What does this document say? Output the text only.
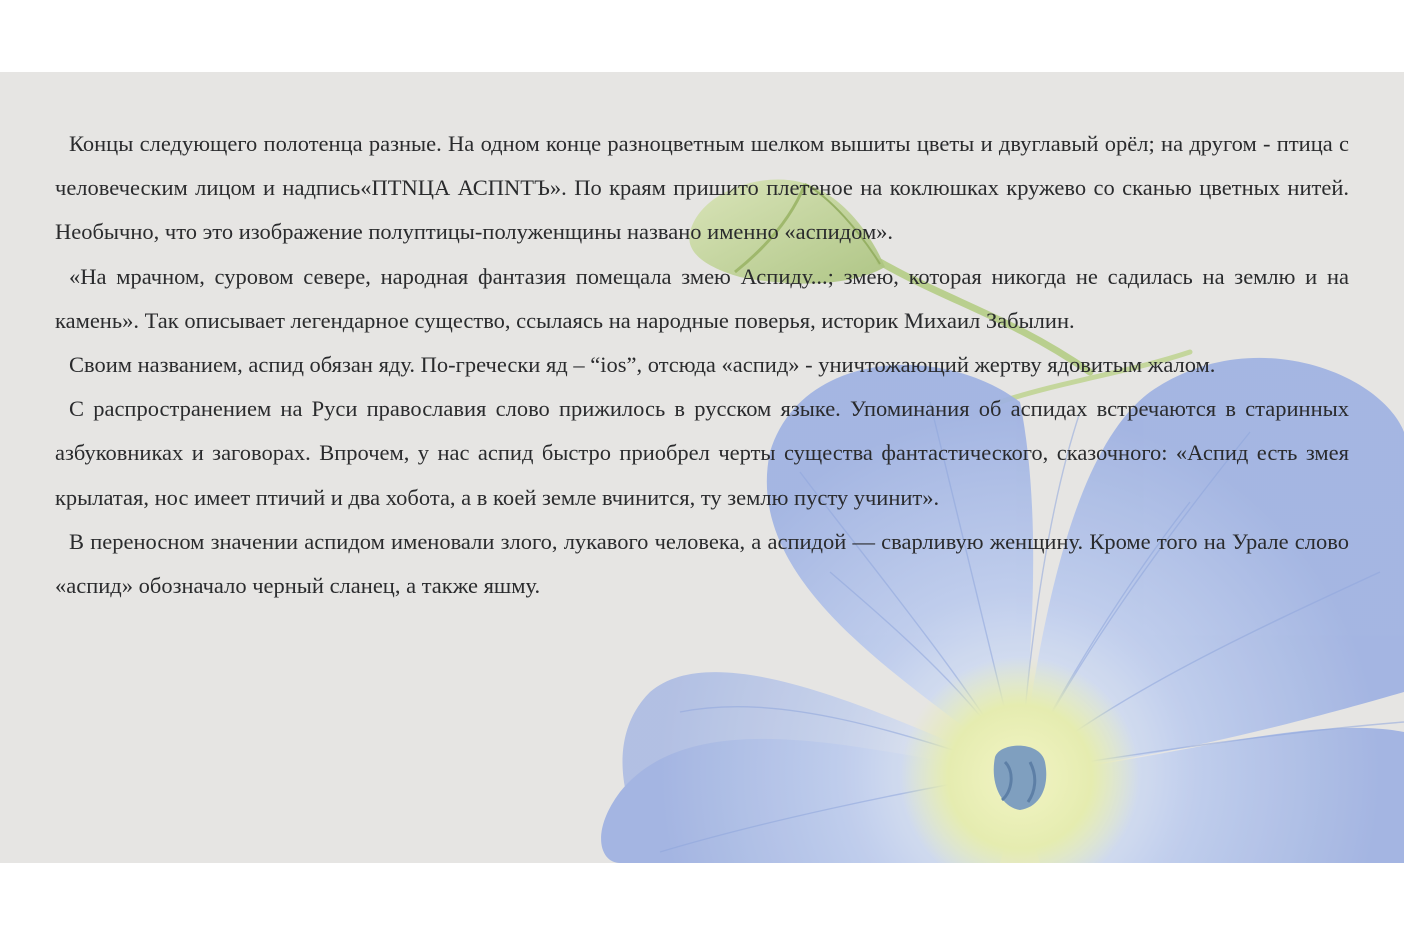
Концы следующего полотенца разные. На одном конце разноцветным шелком вышиты цветы и двуглавый орёл; на другом - птица с человеческим лицом и надпись«ПТNЦА АСПNТЪ». По краям пришито плетеное на коклюшках кружево со сканью цветных нитей. Необычно, что это изображение полуптицы-полуженщины названо именно «аспидом».

«На мрачном, суровом севере, народная фантазия помещала змею Аспиду...; змею, которая никогда не садилась на землю и на камень». Так описывает легендарное существо, ссылаясь на народные поверья, историк Михаил Забылин.

Своим названием, аспид обязан яду. По-гречески яд – “ios”, отсюда «аспид» - уничтожающий жертву ядовитым жалом.

С распространением на Руси православия слово прижилось в русском языке. Упоминания об аспидах встречаются в старинных азбуковниках и заговорах. Впрочем, у нас аспид быстро приобрел черты существа фантастического, сказочного: «Аспид есть змея крылатая, нос имеет птичий и два хобота, а в коей земле вчинится, ту землю пусту учинит».

В переносном значении аспидом именовали злого, лукавого человека, а аспидой — сварливую женщину. Кроме того на Урале слово «аспид» обозначало черный сланец, а также яшму.
